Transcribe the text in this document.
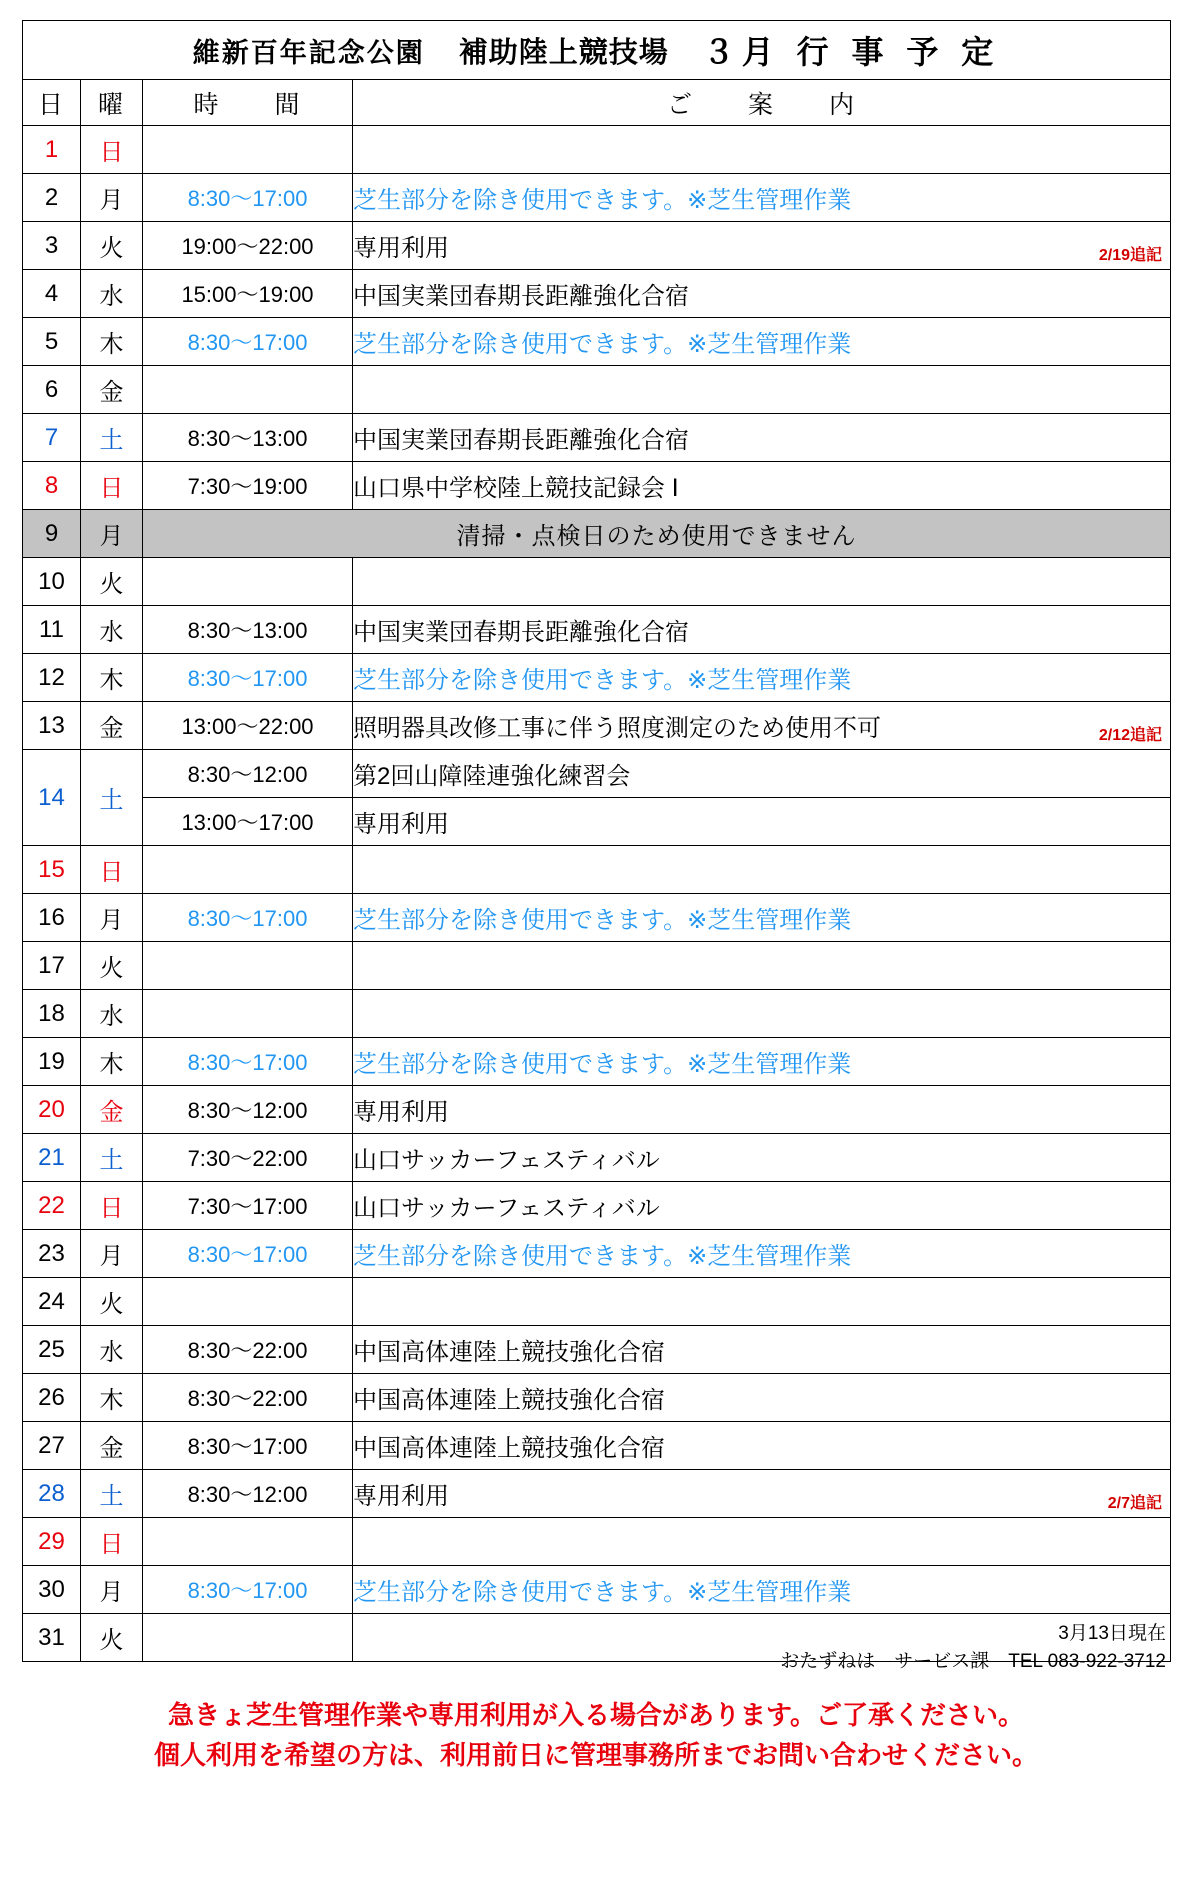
維新百年記念公園 補助陸上競技場 ３月 行 事 予 定			

日	曜	時　　間	ご　　案　　内
1	日		
2	月	8:30〜17:00	芝生部分を除き使用できます。※芝生管理作業
3	火	19:00〜22:00	専用利用 2/19追記

4	水	15:00〜19:00	中国実業団春期長距離強化合宿
5	木	8:30〜17:00	芝生部分を除き使用できます。※芝生管理作業
6	金		
7	土	8:30〜13:00	中国実業団春期長距離強化合宿
8	日	7:30〜19:00	山口県中学校陸上競技記録会 Ⅰ
9	月	清掃・点検日のため使用できません	
10	火		
11	水	8:30〜13:00	中国実業団春期長距離強化合宿
12	木	8:30〜17:00	芝生部分を除き使用できます。※芝生管理作業
13	金	13:00〜22:00	照明器具改修工事に伴う照度測定のため使用不可 2/12追記

14	土	8:30〜12:00	第2回山障陸連強化練習会
		13:00〜17:00	専用利用
15	日		
16	月	8:30〜17:00	芝生部分を除き使用できます。※芝生管理作業
17	火		
18	水		
19	木	8:30〜17:00	芝生部分を除き使用できます。※芝生管理作業
20	金	8:30〜12:00	専用利用
21	土	7:30〜22:00	山口サッカーフェスティバル
22	日	7:30〜17:00	山口サッカーフェスティバル
23	月	8:30〜17:00	芝生部分を除き使用できます。※芝生管理作業
24	火		
25	水	8:30〜22:00	中国高体連陸上競技強化合宿
26	木	8:30〜22:00	中国高体連陸上競技強化合宿
27	金	8:30〜17:00	中国高体連陸上競技強化合宿
28	土	8:30〜12:00	専用利用 2/7追記

29	日		
30	月	8:30〜17:00	芝生部分を除き使用できます。※芝生管理作業
31	火			3月13日現在
おたずねは　サービス課　TEL 083-922-3712
急きょ芝生管理作業や専用利用が入る場合があります。ご了承ください。
個人利用を希望の方は、利用前日に管理事務所までお問い合わせください。
